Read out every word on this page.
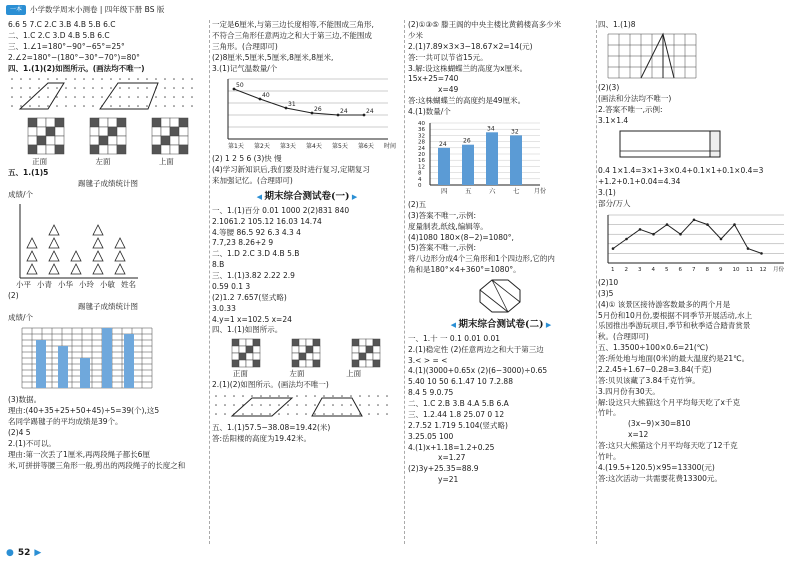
一本	小学数学周末小测卷 | 四年级下册 BS 版
6.6 5 7.C 2.C 3.B 4.B 5.B 6.C
二、1.C 2.C 3.D 4.B 5.B 6.C
三、1.∠1=180°−90°−65°=25°
2.∠2=180°−(180°−30°−70°)=80°
四、1.(1)(2)如图所示。(画法均不唯一)
正面	左面	上面
五、1.(1)5
踢毽子成绩统计图
成绩/个
小平 小青 小华 小玲 小敏 姓名
(2)
踢毽子成绩统计图
成绩/个
(3)数据。
理由:(40+35+25+50+45)÷5=39(个),这5
名同学踢毽子的平均成绩是39个。
(2)4 5
2.(1)不可以。
理由:第一次丢了1厘米,再两段绳子都长6厘
米,可拼拼等腰三角形一般,剪出的两段绳子的长度之和
一定是6厘米,与第三边长度相等,不能围成三角形,
不符合三角形任意两边之和大于第三边,不能围成
三角形。(合理即可)
(2)8厘米,5厘米,5厘米,8厘米,8厘米,
3.(1)记气温数量/个
50
40
31
26	24	24
第1天 第2天 第3天 第4天 第5天 第6天 时间
(2) 1 2 5 6 (3)快 慢
(4)学习新知识后,我们要及时进行复习,定期复习
来加强记忆。(合理即可)
◀ 期末综合测试卷(一) ▶
一、1.(1)百分 0.01 1000 2(2)831 840
2.1061.2 105.12 16.03 14.74
4.等腰 86.5 92 6.3 4.3 4
7.7,23 8.26+2 9
二、1.D 2.C 3.D 4.B 5.B
8.B
三、1.(1)3.82 2.22 2.9
0.59 0.1 3
(2)1.2 7.657(竖式略)
3.0.33
4.y=1 x=102.5 x=24
四、1.(1)如图所示。
正面	左面	上面
2.(1)(2)如图所示。(画法均不唯一)
五、1.(1)57.5−38.08=19.42(米)
答:岳阳楼的高度为19.42米。
(2)①③⑤ 滕王阁的中央主楼比黄鹤楼高多少米
少米
2.(1)7.89×3×3−18.67×2=14(元)
答:一共可以节省15元。
3.解:设这株蝴蝶兰的高度为x厘米。
15x+25=740
x=49
答:这株蝴蝶兰的高度约是49厘米。
4.(1)数量/个
0
4
8
12
16
20
24
28
32
36
40
24
四
26
五
34
六
32
七 月份
(2)五
(3)答案不唯一,示例:
度量制表,纸线,编辑等。
(4)1080 180×(8−2)=1080°,
(5)答案不唯一,示例:
将八边形分成4个三角形和1个四边形,它的内
角和是180°×4+360°=1080°。
◀ 期末综合测试卷(二) ▶
一、1.十 一 0.1 0.01 0.01
2.(1)稳定性 (2)任意两边之和大于第三边
3.< > = <
4.(1)(3000+0.65x (2)(6−3000)÷0.65
5.40 10 50 6.1.47 10 7.2.88
8.4 5 9.0.75
二、1.C 2.B 3.B 4.A 5.B 6.A
三、1.2.44 1.8 25.07 0 12
2.7.52 1.719 5.104(竖式略)
3.25.05 100
4.(1)x+1.18=1.2+0.25
x=1.27
(2)3y+25.35=88.9
y=21
四、1.(1)8
(2)(3)
(画法和分法均不唯一)
2.答案不唯一,示例:
3.1×1.4
0.4 1×1.4=3×1+3×0.4+0.1×1+0.1×0.4=3
+1.2+0.1+0.04=4.34
3.(1)
部分/万人
1 2 3 4 5 6 7 8 9 10 11 12 月份
(2)10
(3)5
(4)① 该景区接待游客数最多的两个月是
5月份和10月份,要根据不同季节开展活动,水上
乐园推出季游玩项目,季节和秋季适合踏青赏景
秋。(合理即可)
五、1.3500÷100×0.6=21(℃)
答:所处地与地面(0米)的最大温度约是21℃。
2.2.45+1.67−0.28=3.84(千克)
答:贝贝该藏了3.84千克竹笋。
3.四月份有30天。
解:设这只大熊猫这个月平均每天吃了x千克
竹叶。
(3x−9)×30=810
x=12
答:这只大熊猫这个月平均每天吃了12千克
竹叶。
4.(19.5+120.5)×95=13300(元)
答:这次活动一共需要花费13300元。
● 52 ▶
